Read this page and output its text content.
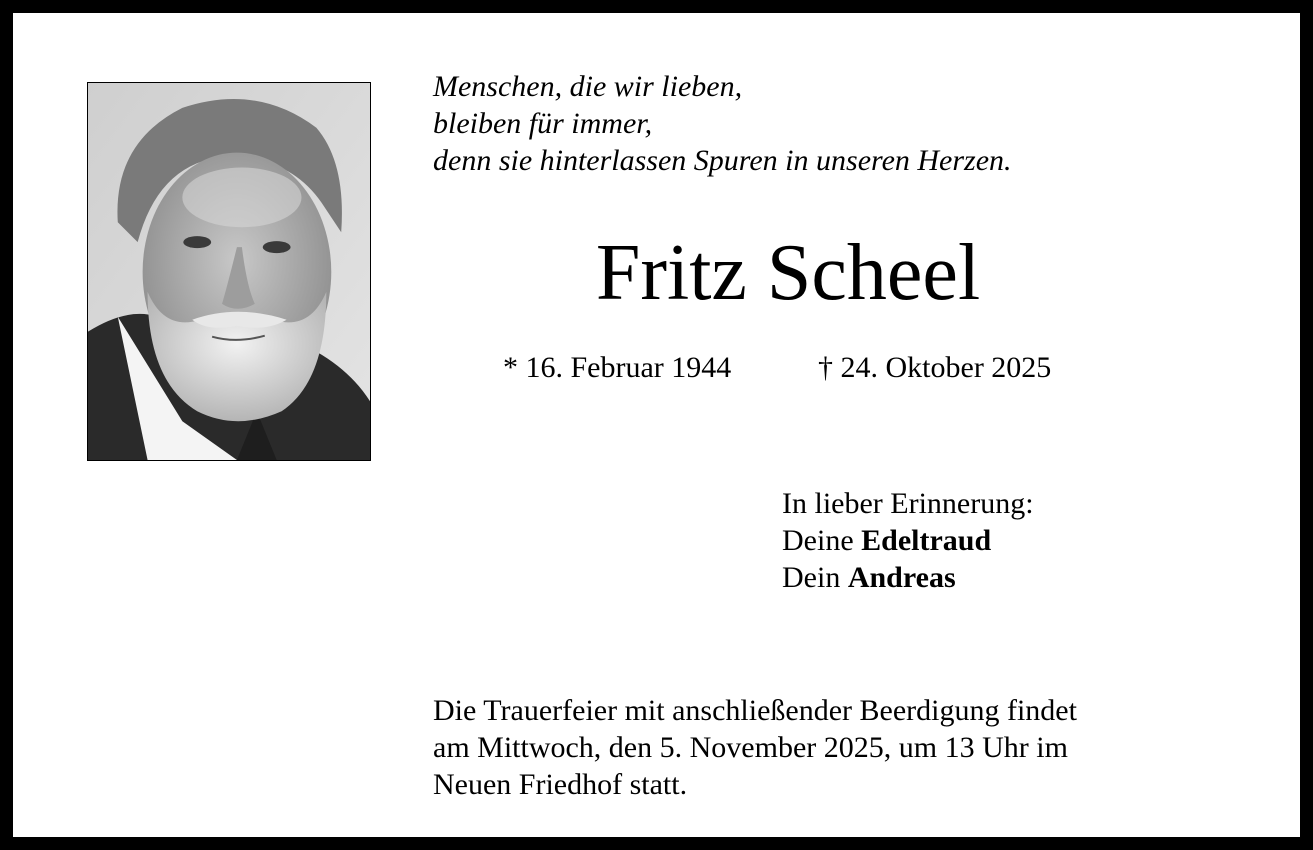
Menschen, die wir lieben,
bleiben für immer,
denn sie hinterlassen Spuren in unseren Herzen.
Fritz Scheel
* 16. Februar 1944	† 24. Oktober 2025
In lieber Erinnerung:
Deine Edeltraud
Dein Andreas
Die Trauerfeier mit anschließender Beerdigung findet
am Mittwoch, den 5. November 2025, um 13 Uhr im
Neuen Friedhof statt.
